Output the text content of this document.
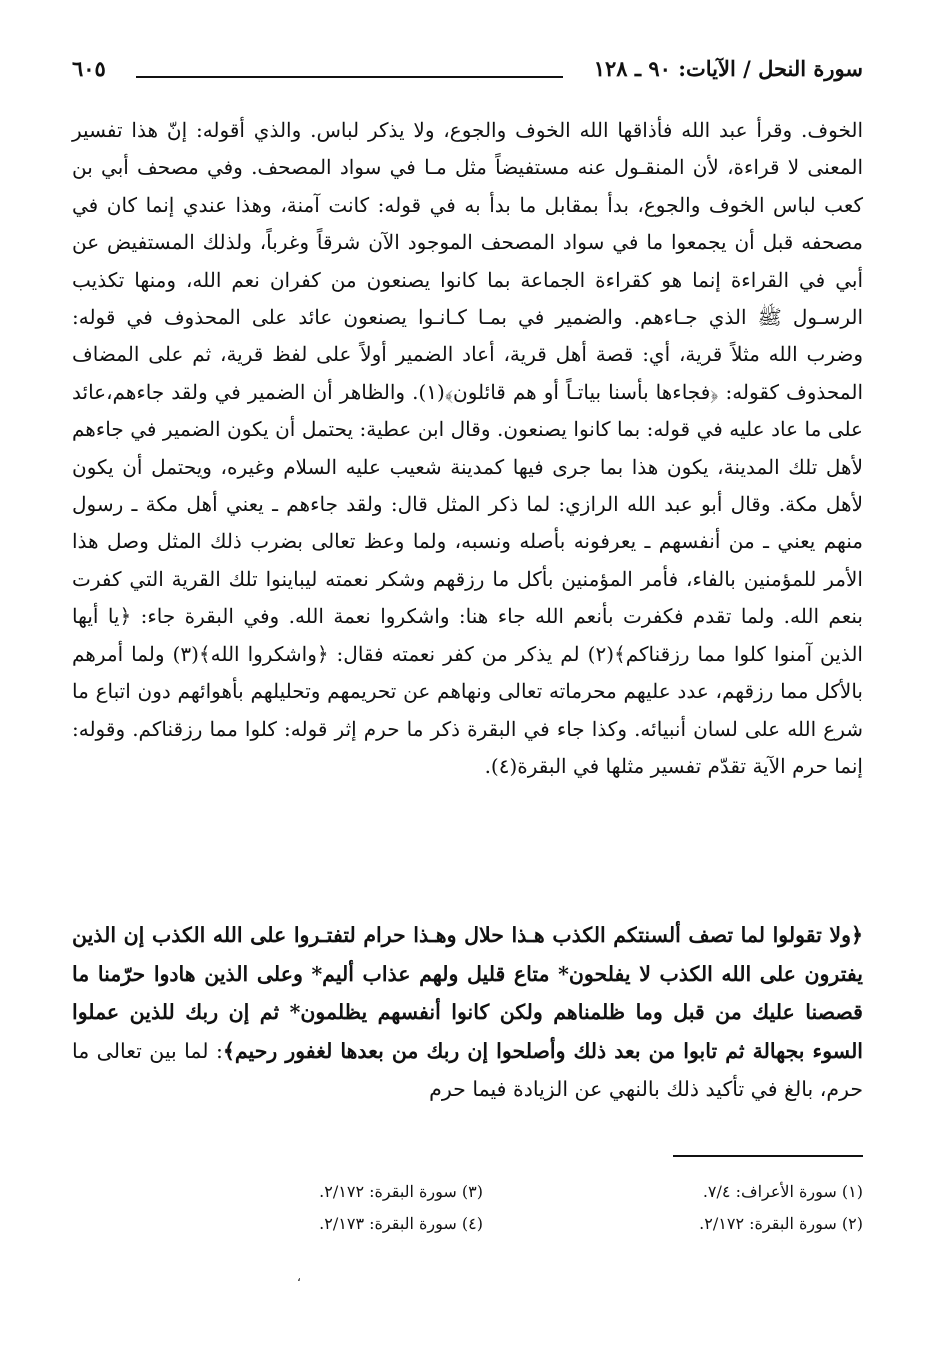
سورة النحل / الآيات: ٩٠ ـ ١٢٨
٦٠٥

الخوف. وقرأ عبد الله فأذاقها الله الخوف والجوع، ولا يذكر لباس. والذي أقوله: إنّ هذا تفسير المعنى لا قراءة، لأن المنقـول عنه مستفيضاً مثل مـا في سواد المصحف. وفي مصحف أبي بن كعب لباس الخوف والجوع، بدأ بمقابل ما بدأ به في قوله: كانت آمنة، وهذا عندي إنما كان في مصحفه قبل أن يجمعوا ما في سواد المصحف الموجود الآن شرقاً وغرباً، ولذلك المستفيض عن أبي في القراءة إنما هو كقراءة الجماعة بما كانوا يصنعون من كفران نعم الله، ومنها تكذيب الرسـول ﷺ الذي جـاءهم. والضمير في بمـا كـانـوا يصنعون عائد على المحذوف في قوله: وضرب الله مثلاً قرية، أي: قصة أهل قرية، أعاد الضمير أولاً على لفظ قرية، ثم على المضاف المحذوف كقوله: ﴿فجاءها بأسنا بياتـاً أو هم قائلون﴾(١). والظاهر أن الضمير في ولقد جاءهم،عائد على ما عاد عليه في قوله: بما كانوا يصنعون. وقال ابن عطية: يحتمل أن يكون الضمير في جاءهم لأهل تلك المدينة، يكون هذا بما جرى فيها كمدينة شعيب عليه السلام وغيره، ويحتمل أن يكون لأهل مكة. وقال أبو عبد الله الرازي: لما ذكر المثل قال: ولقد جاءهم ـ يعني أهل مكة ـ رسول منهم يعني ـ من أنفسهم ـ يعرفونه بأصله ونسبه، ولما وعظ تعالى بضرب ذلك المثل وصل هذا الأمر للمؤمنين بالفاء، فأمر المؤمنين بأكل ما رزقهم وشكر نعمته ليباينوا تلك القرية التي كفرت بنعم الله. ولما تقدم فكفرت بأنعم الله جاء هنا: واشكروا نعمة الله. وفي البقرة جاء: ﴿يا أيها الذين آمنوا كلوا مما رزقناكم﴾(٢) لم يذكر من كفر نعمته فقال: ﴿واشكروا الله﴾(٣) ولما أمرهم بالأكل مما رزقهم، عدد عليهم محرماته تعالى ونهاهم عن تحريمهم وتحليلهم بأهوائهم دون اتباع ما شرع الله على لسان أنبيائه. وكذا جاء في البقرة ذكر ما حرم إثر قوله: كلوا مما رزقناكم. وقوله: إنما حرم الآية تقدّم تفسير مثلها في البقرة(٤).

﴿ولا تقولوا لما تصف ألسنتكم الكذب هـذا حلال وهـذا حرام لتفتـروا على الله الكذب إن الذين يفترون على الله الكذب لا يفلحون* متاع قليل ولهم عذاب أليم* وعلى الذين هادوا حرّمنا ما قصصنا عليك من قبل وما ظلمناهم ولكن كانوا أنفسهم يظلمون* ثم إن ربك للذين عملوا السوء بجهالة ثم تابوا من بعد ذلك وأصلحوا إن ربك من بعدها لغفور رحيم﴾: لما بين تعالى ما حرم، بالغ في تأكيد ذلك بالنهي عن الزيادة فيما حرم
(١) سورة الأعراف: ٧/٤.
(٢) سورة البقرة: ٢/١٧٢.
(٣) سورة البقرة: ٢/١٧٢.
(٤) سورة البقرة: ٢/١٧٣.
،
